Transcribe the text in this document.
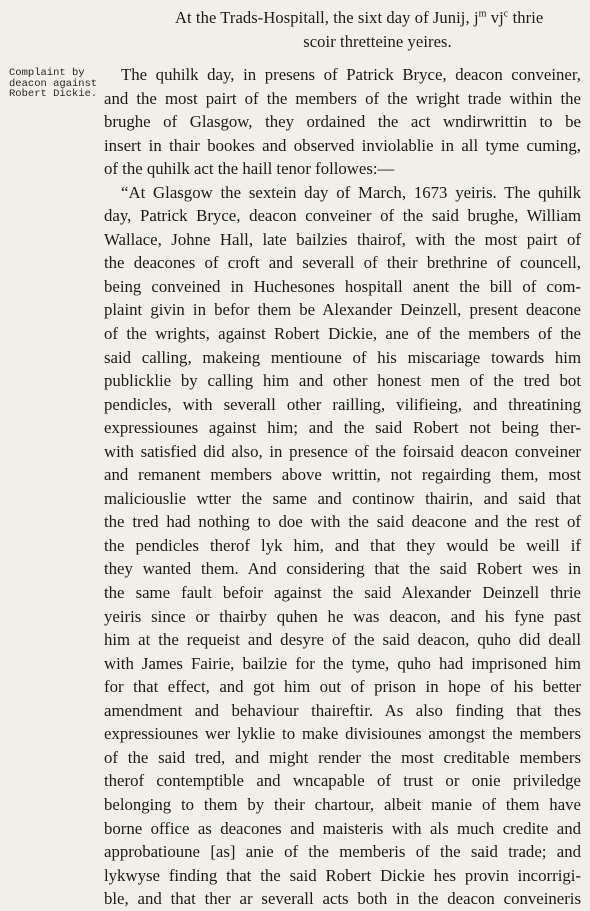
At the Trads-Hospitall, the sixt day of Junij, $j^m$ $vj^c$ thrie
scoir thretteine yeires.
Complaint by
deacon against
Robert Dickie.
The quhilk day, in presens of Patrick Bryce, deacon conveiner,
and the most pairt of the members of the wright trade within the
brughe of Glasgow, they ordained the act wndirwrittin to be
insert in thair bookes and observed inviolablie in all tyme cuming,
of the quhilk act the haill tenor followes:—
“At Glasgow the sextein day of March, 1673 yeiris. The quhilk
day, Patrick Bryce, deacon conveiner of the said brughe, William
Wallace, Johne Hall, late bailzies thairof, with the most pairt of
the deacones of croft and severall of their brethrine of councell,
being conveined in Huchesones hospitall anent the bill of com-
plaint givin in befor them be Alexander Deinzell, present deacone
of the wrights, against Robert Dickie, ane of the members of the
said calling, makeing mentioune of his miscariage towards him
publicklie by calling him and other honest men of the tred bot
pendicles, with severall other railling, vilifieing, and threatining
expressiounes against him; and the said Robert not being ther-
with satisfied did also, in presence of the foirsaid deacon conveiner
and remanent members above writtin, not regairding them, most
maliciouslie wtter the same and continow thairin, and said that
the tred had nothing to doe with the said deacone and the rest of
the pendicles therof lyk him, and that they would be weill if
they wanted them. And considering that the said Robert wes in
the same fault befoir against the said Alexander Deinzell thrie
yeiris since or thairby quhen he was deacon, and his fyne past
him at the requeist and desyre of the said deacon, quho did deall
with James Fairie, bailzie for the tyme, quho had imprisoned him
for that effect, and got him out of prison in hope of his better
amendment and behaviour thaireftir. As also finding that thes
expressiounes wer lyklie to make divisiounes amongst the members
of the said tred, and might render the most creditable members
therof contemptible and wncapable of trust or onie priviledge
belonging to them by their chartour, albeit manie of them have
borne office as deacones and maisteris with als much credite and
approbatioune [as] anie of the memberis of the said trade; and
lykwyse finding that the said Robert Dickie hes provin incorrigi-
ble, and that ther ar severall acts both in the deacon conveineris
